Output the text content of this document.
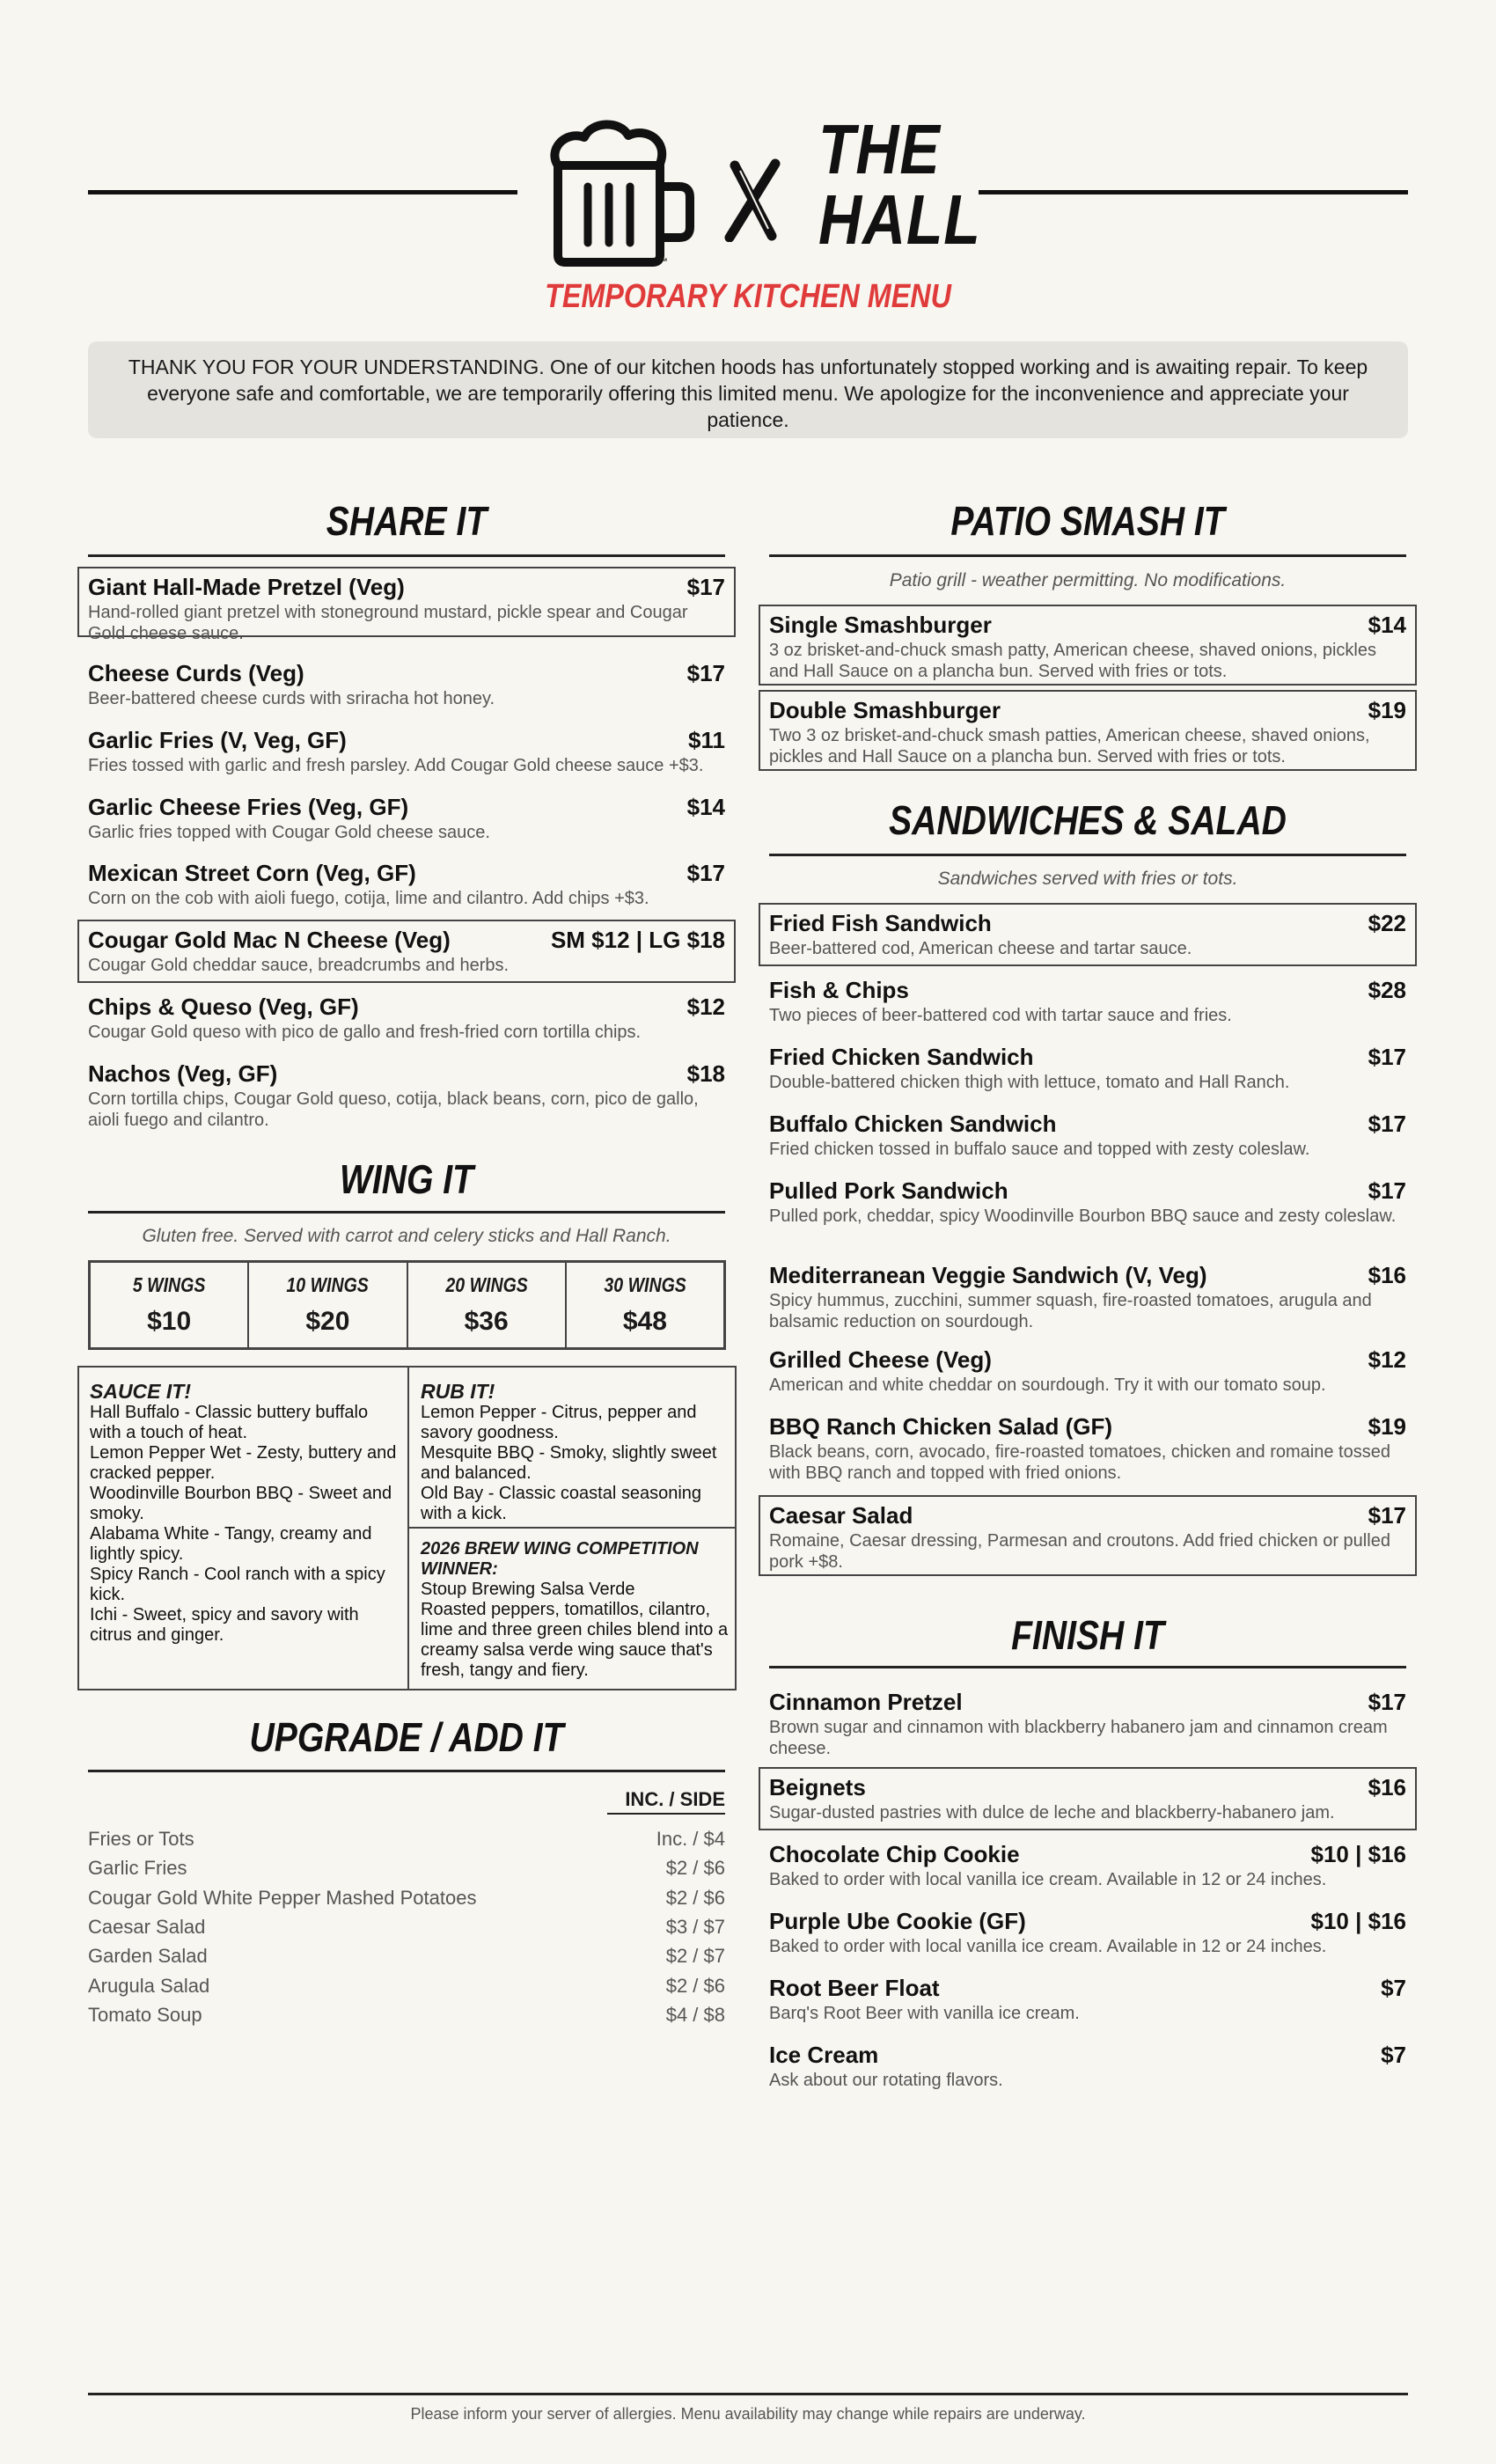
™
THE
HALL
TEMPORARY KITCHEN MENU
THANK YOU FOR YOUR UNDERSTANDING. One of our kitchen hoods has unfortunately stopped working and is awaiting repair. To keep everyone safe and comfortable, we are temporarily offering this limited menu. We apologize for the inconvenience and appreciate your patience.
SHARE IT
Giant Hall-Made Pretzel (Veg)	$17
Hand-rolled giant pretzel with stoneground mustard, pickle spear and Cougar Gold cheese sauce.
Cheese Curds (Veg)	$17
Beer-battered cheese curds with sriracha hot honey.
Garlic Fries (V, Veg, GF)	$11
Fries tossed with garlic and fresh parsley. Add Cougar Gold cheese sauce +$3.
Garlic Cheese Fries (Veg, GF)	$14
Garlic fries topped with Cougar Gold cheese sauce.
Mexican Street Corn (Veg, GF)	$17
Corn on the cob with aioli fuego, cotija, lime and cilantro. Add chips +$3.
Cougar Gold Mac N Cheese (Veg)	SM $12 | LG $18
Cougar Gold cheddar sauce, breadcrumbs and herbs.
Chips & Queso (Veg, GF)	$12
Cougar Gold queso with pico de gallo and fresh-fried corn tortilla chips.
Nachos (Veg, GF)	$18
Corn tortilla chips, Cougar Gold queso, cotija, black beans, corn, pico de gallo, aioli fuego and cilantro.
WING IT
Gluten free. Served with carrot and celery sticks and Hall Ranch.
5 WINGS
$10
10 WINGS
$20
20 WINGS
$36
30 WINGS
$48
SAUCE IT!
Hall Buffalo - Classic buttery buffalo
with a touch of heat.
Lemon Pepper Wet - Zesty, buttery and
cracked pepper.
Woodinville Bourbon BBQ - Sweet and
smoky.
Alabama White - Tangy, creamy and
lightly spicy.
Spicy Ranch - Cool ranch with a spicy
kick.
Ichi - Sweet, spicy and savory with
citrus and ginger.
RUB IT!
Lemon Pepper - Citrus, pepper and
savory goodness.
Mesquite BBQ - Smoky, slightly sweet
and balanced.
Old Bay - Classic coastal seasoning
with a kick.
2026 BREW WING COMPETITION
WINNER:
Stoup Brewing Salsa Verde
Roasted peppers, tomatillos, cilantro,
lime and three green chiles blend into a
creamy salsa verde wing sauce that's
fresh, tangy and fiery.
UPGRADE / ADD IT
INC. / SIDE
Fries or Tots	Inc. / $4
Garlic Fries	$2 / $6
Cougar Gold White Pepper Mashed Potatoes	$2 / $6
Caesar Salad	$3 / $7
Garden Salad	$2 / $7
Arugula Salad	$2 / $6
Tomato Soup	$4 / $8
PATIO SMASH IT
Patio grill - weather permitting. No modifications.
Single Smashburger	$14
3 oz brisket-and-chuck smash patty, American cheese, shaved onions, pickles and Hall Sauce on a plancha bun. Served with fries or tots.
Double Smashburger	$19
Two 3 oz brisket-and-chuck smash patties, American cheese, shaved onions, pickles and Hall Sauce on a plancha bun. Served with fries or tots.
SANDWICHES & SALAD
Sandwiches served with fries or tots.
Fried Fish Sandwich	$22
Beer-battered cod, American cheese and tartar sauce.
Fish & Chips	$28
Two pieces of beer-battered cod with tartar sauce and fries.
Fried Chicken Sandwich	$17
Double-battered chicken thigh with lettuce, tomato and Hall Ranch.
Buffalo Chicken Sandwich	$17
Fried chicken tossed in buffalo sauce and topped with zesty coleslaw.
Pulled Pork Sandwich	$17
Pulled pork, cheddar, spicy Woodinville Bourbon BBQ sauce and zesty coleslaw.
Mediterranean Veggie Sandwich (V, Veg)	$16
Spicy hummus, zucchini, summer squash, fire-roasted tomatoes, arugula and balsamic reduction on sourdough.
Grilled Cheese (Veg)	$12
American and white cheddar on sourdough. Try it with our tomato soup.
BBQ Ranch Chicken Salad (GF)	$19
Black beans, corn, avocado, fire-roasted tomatoes, chicken and romaine tossed with BBQ ranch and topped with fried onions.
Caesar Salad	$17
Romaine, Caesar dressing, Parmesan and croutons. Add fried chicken or pulled pork +$8.
FINISH IT
Cinnamon Pretzel	$17
Brown sugar and cinnamon with blackberry habanero jam and cinnamon cream cheese.
Beignets	$16
Sugar-dusted pastries with dulce de leche and blackberry-habanero jam.
Chocolate Chip Cookie	$10 | $16
Baked to order with local vanilla ice cream. Available in 12 or 24 inches.
Purple Ube Cookie (GF)	$10 | $16
Baked to order with local vanilla ice cream. Available in 12 or 24 inches.
Root Beer Float	$7
Barq's Root Beer with vanilla ice cream.
Ice Cream	$7
Ask about our rotating flavors.
Please inform your server of allergies. Menu availability may change while repairs are underway.
